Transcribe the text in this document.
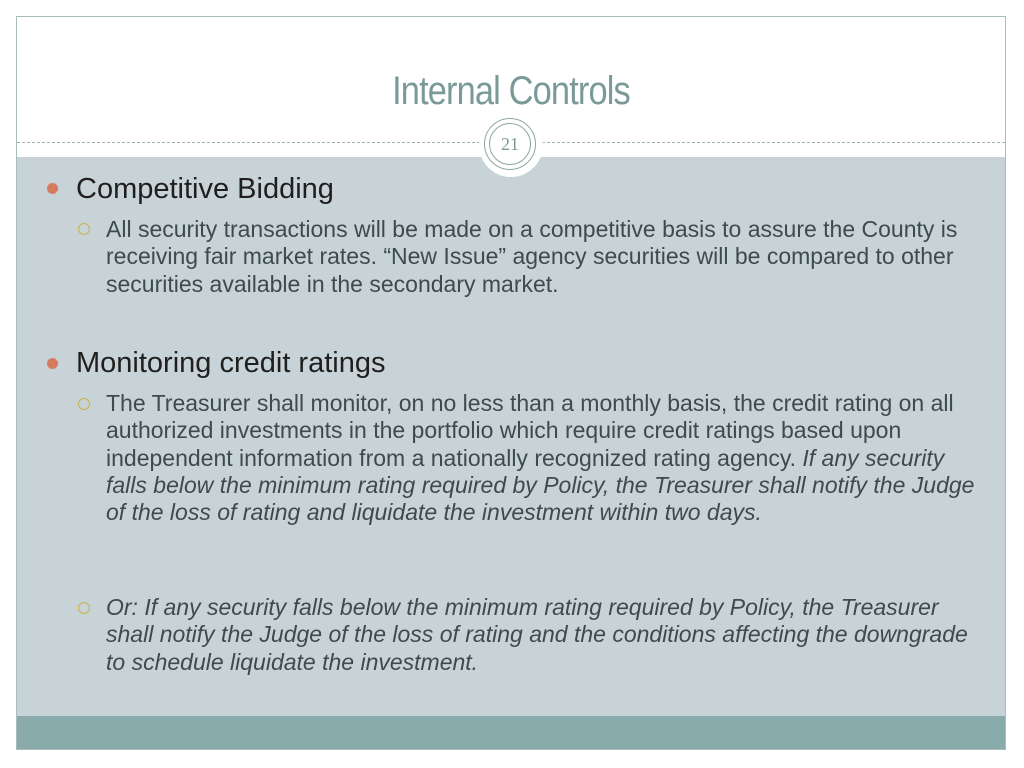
Internal Controls
21
Competitive Bidding
All security transactions will be made on a competitive basis to assure the County is receiving fair market rates. “New Issue” agency securities will be compared to other securities available in the secondary market.
Monitoring credit ratings
The Treasurer shall monitor, on no less than a monthly basis, the credit rating on all authorized investments in the portfolio which require credit ratings based upon independent information from a nationally recognized rating agency. If any security falls below the minimum rating required by Policy, the Treasurer shall notify the Judge of the loss of rating and liquidate the investment within two days.
Or: If any security falls below the minimum rating required by Policy, the Treasurer shall notify the Judge of the loss of rating and the conditions affecting the downgrade to schedule liquidate the investment.
